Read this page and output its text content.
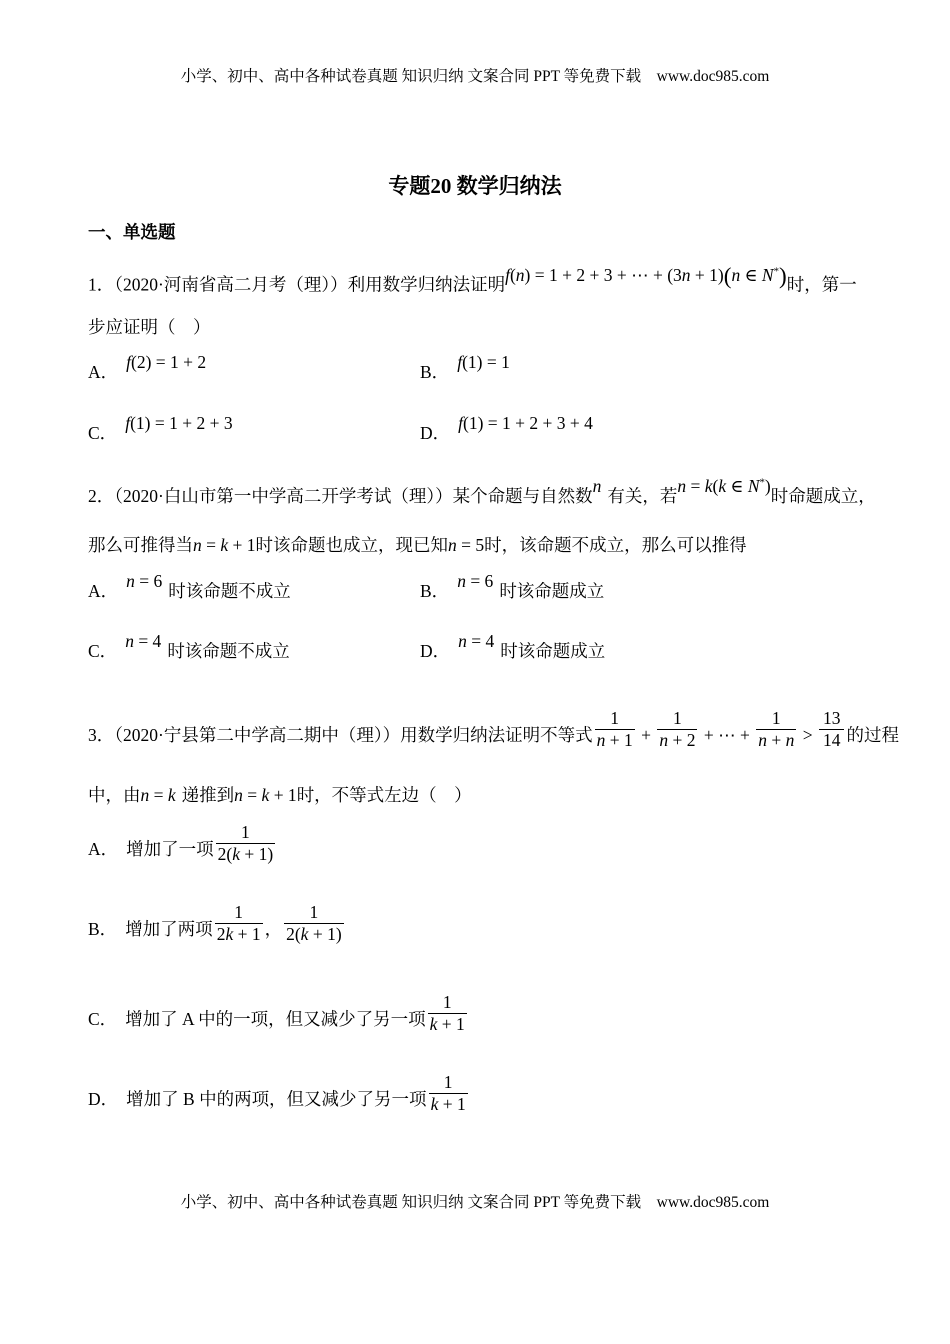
小学、初中、高中各种试卷真题 知识归纳 文案合同 PPT 等免费下载　www.doc985.com
专题20 数学归纳法
一、单选题

1．（2020·河南省高二月考（理））利用数学归纳法证明f(n) = 1 + 2 + 3 + ⋯ + (3n + 1)(n ∈ N*)时，第一

步应证明（　）

A． f(2) = 1 + 2	B． f(1) = 1
C． f(1) = 1 + 2 + 3	D． f(1) = 1 + 2 + 3 + 4

2．（2020·白山市第一中学高二开学考试（理））某个命题与自然数n 有关，若n = k(k ∈ N*)时命题成立，

那么可推得当n = k + 1时该命题也成立，现已知n = 5时，该命题不成立，那么可以推得

A． n = 6 时该命题不成立	B． n = 6 时该命题成立
C． n = 4 时该命题不成立	D． n = 4 时该命题成立

3．（2020·宁县第二中学高二期中（理））用数学归纳法证明不等式 $\frac{1}{n + 1} + \frac{1}{n + 2}$ + ⋯ + $\frac{1}{n + n} > \frac{13}{14}$ 的过程

中，由n = k 递推到n = k + 1时，不等式左边（　）

A． 增加了一项 $\frac{1}{2(k + 1)}$

B． 增加了两项 $\frac{1}{2k + 1}$ ， $\frac{1}{2(k + 1)}$

C． 增加了 A 中的一项，但又减少了另一项 $\frac{1}{k + 1}$

D． 增加了 B 中的两项，但又减少了另一项 $\frac{1}{k + 1}$

小学、初中、高中各种试卷真题 知识归纳 文案合同 PPT 等免费下载　www.doc985.com
